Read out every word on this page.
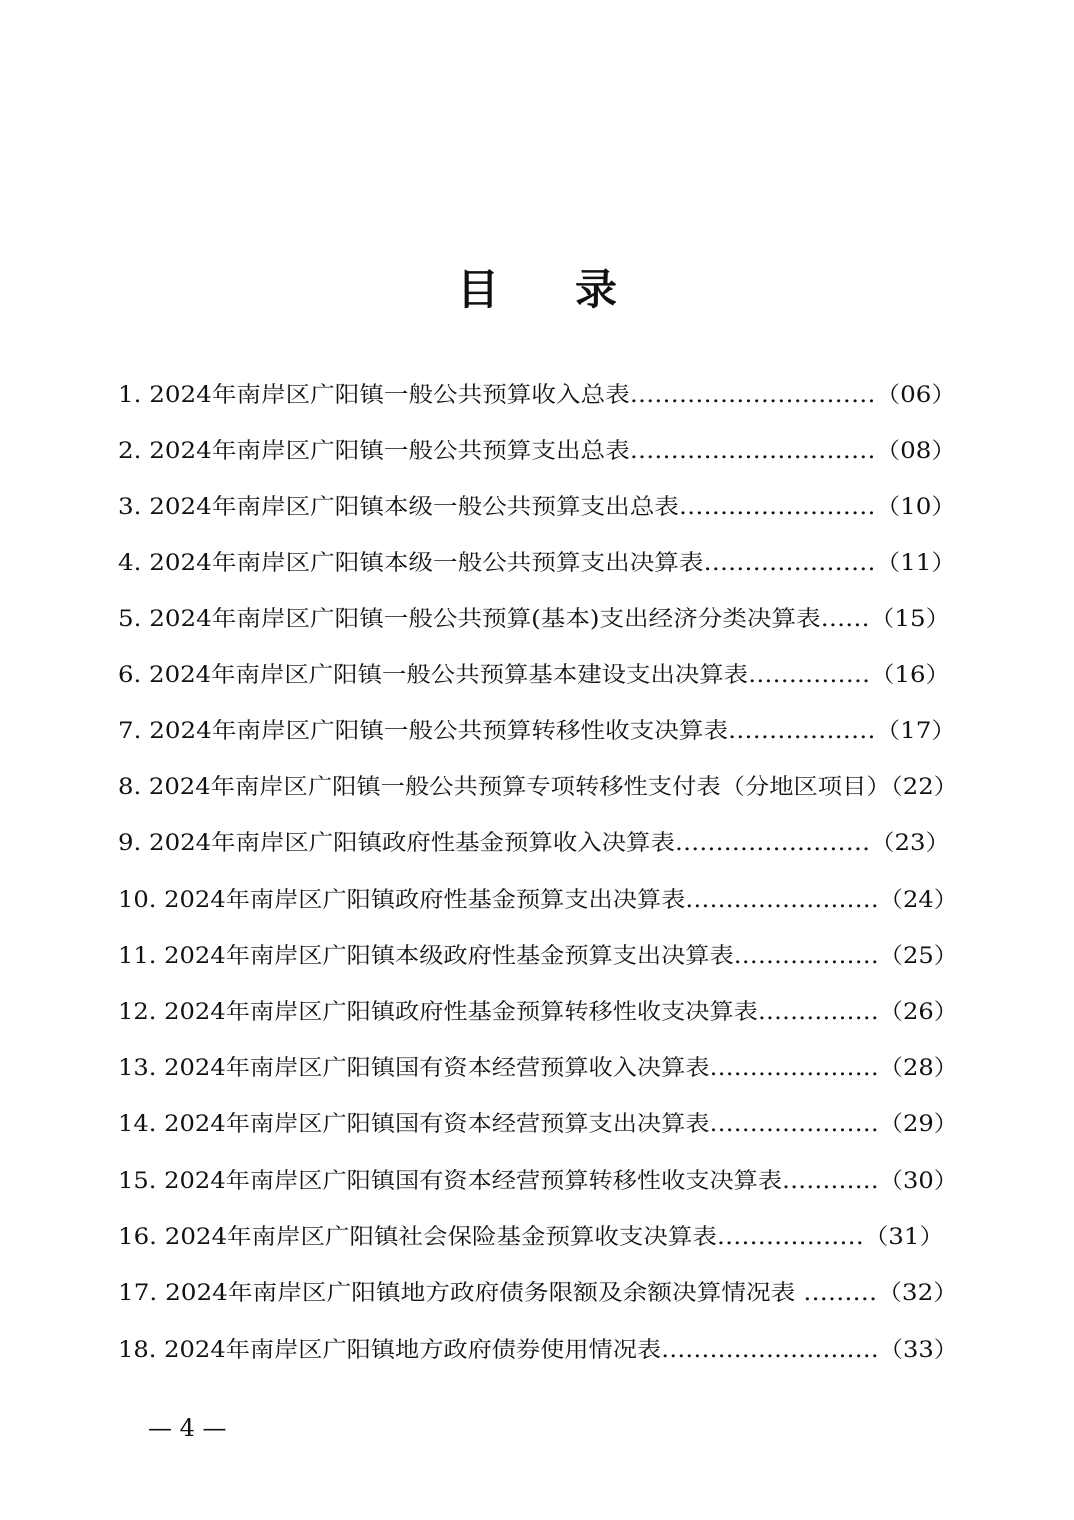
目录
1. 2024年南岸区广阳镇一般公共预算收入总表…………………………（06）
2. 2024年南岸区广阳镇一般公共预算支出总表…………………………（08）
3. 2024年南岸区广阳镇本级一般公共预算支出总表……………………（10）
4. 2024年南岸区广阳镇本级一般公共预算支出决算表…………………（11）
5. 2024年南岸区广阳镇一般公共预算(基本)支出经济分类决算表……（15）
6. 2024年南岸区广阳镇一般公共预算基本建设支出决算表……………（16）
7. 2024年南岸区广阳镇一般公共预算转移性收支决算表………………（17）
8. 2024年南岸区广阳镇一般公共预算专项转移性支付表（分地区项目）（22）
9. 2024年南岸区广阳镇政府性基金预算收入决算表……………………（23）
10. 2024年南岸区广阳镇政府性基金预算支出决算表……………………（24）
11. 2024年南岸区广阳镇本级政府性基金预算支出决算表………………（25）
12. 2024年南岸区广阳镇政府性基金预算转移性收支决算表……………（26）
13. 2024年南岸区广阳镇国有资本经营预算收入决算表…………………（28）
14. 2024年南岸区广阳镇国有资本经营预算支出决算表…………………（29）
15. 2024年南岸区广阳镇国有资本经营预算转移性收支决算表…………（30）
16. 2024年南岸区广阳镇社会保险基金预算收支决算表………………（31）
17. 2024年南岸区广阳镇地方政府债务限额及余额决算情况表 ………（32）
18. 2024年南岸区广阳镇地方政府债券使用情况表………………………（33）
— 4 —
